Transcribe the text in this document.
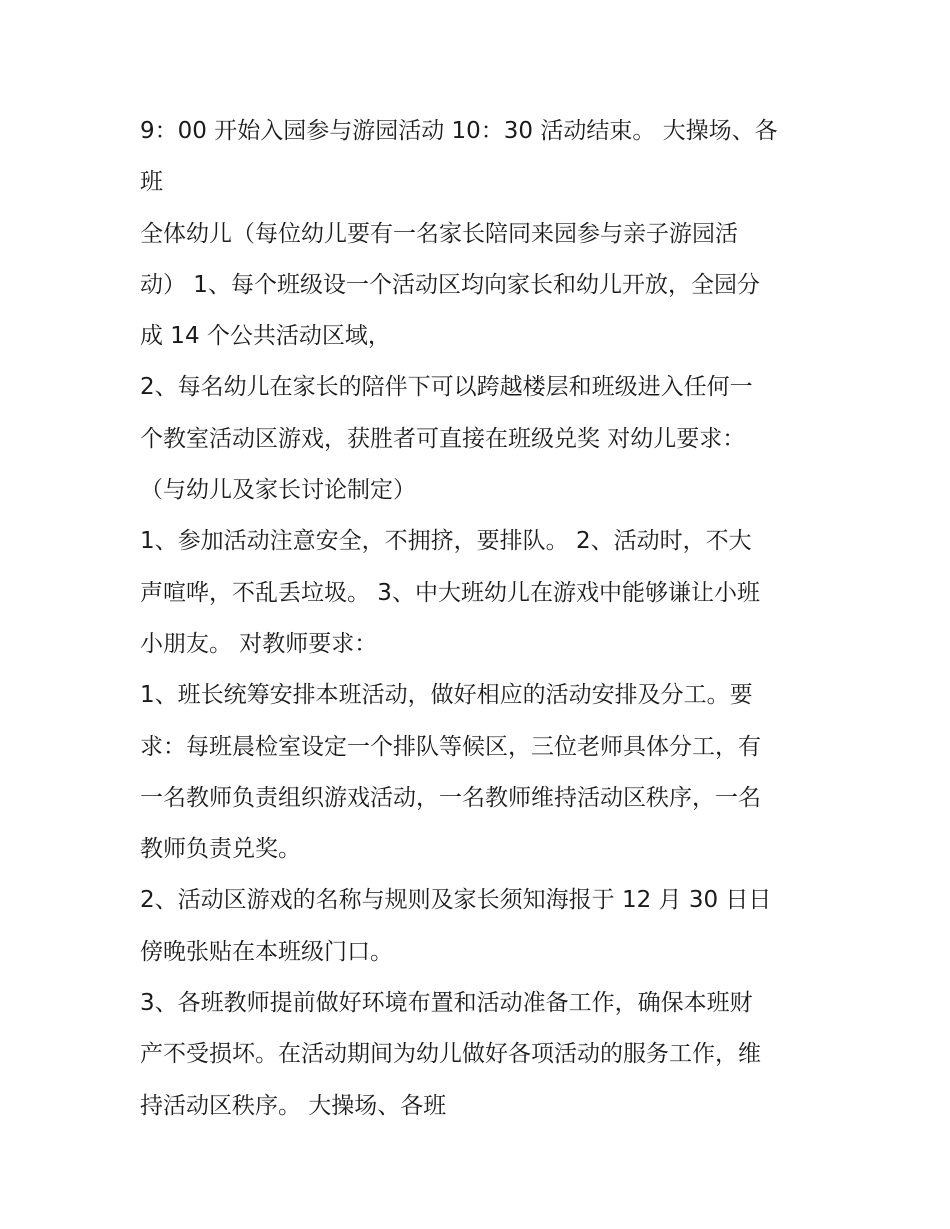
9：00 开始入园参与游园活动 10：30 活动结束。 大操场、各
班
全体幼儿（每位幼儿要有一名家长陪同来园参与亲子游园活
动） 1、每个班级设一个活动区均向家长和幼儿开放，全园分
成 14 个公共活动区域，
2、每名幼儿在家长的陪伴下可以跨越楼层和班级进入任何一
个教室活动区游戏，获胜者可直接在班级兑奖 对幼儿要求：
（与幼儿及家长讨论制定）
1、参加活动注意安全，不拥挤，要排队。 2、活动时，不大
声喧哗，不乱丢垃圾。 3、中大班幼儿在游戏中能够谦让小班
小朋友。 对教师要求：
1、班长统筹安排本班活动，做好相应的活动安排及分工。要
求：每班晨检室设定一个排队等候区，三位老师具体分工，有
一名教师负责组织游戏活动，一名教师维持活动区秩序，一名
教师负责兑奖。
2、活动区游戏的名称与规则及家长须知海报于 12 月 30 日日
傍晚张贴在本班级门口。
3、各班教师提前做好环境布置和活动准备工作，确保本班财
产不受损坏。在活动期间为幼儿做好各项活动的服务工作，维
持活动区秩序。 大操场、各班
